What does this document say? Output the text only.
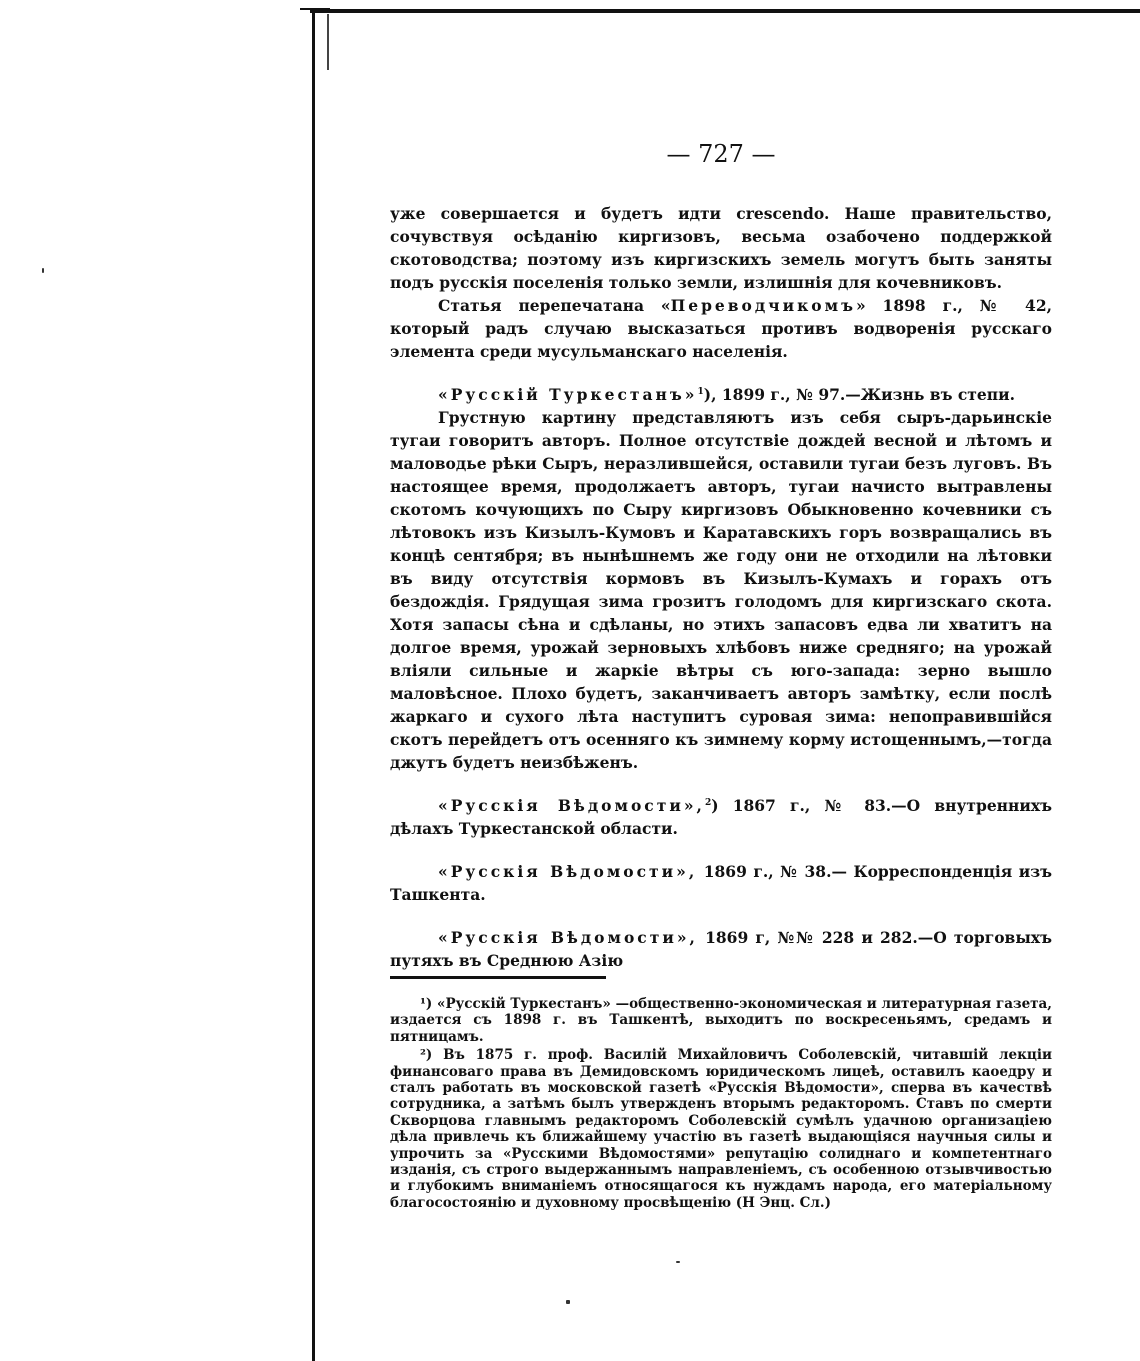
— 727 —

уже совершается и будетъ идти crescendo. Наше правительство, сочувствуя осѣданію киргизовъ, весьма озабочено поддержкой скотоводства; поэтому изъ киргизскихъ земель могутъ быть заняты подъ русскія поселенія только земли, излишнія для кочевниковъ.

Статья перепечатана «Переводчикомъ» 1898 г., № 42, который радъ случаю высказаться противъ водворенія русскаго элемента среди мусульманскаго населенія.

«Русскій Туркестанъ»$^1$), 1899 г., № 97.—Жизнь въ степи.

Грустную картину представляютъ изъ себя сыръ-дарьинскіе тугаи говоритъ авторъ. Полное отсутствіе дождей весной и лѣтомъ и маловодье рѣки Сыръ, неразлившейся, оставили тугаи безъ луговъ. Въ настоящее время, продолжаетъ авторъ, тугаи начисто вытравлены скотомъ кочующихъ по Сыру киргизовъ Обыкновенно кочевники съ лѣтовокъ изъ Кизылъ-Кумовъ и Каратавскихъ горъ возвращались въ концѣ сентября; въ нынѣшнемъ же году они не отходили на лѣтовки въ виду отсутствія кормовъ въ Кизылъ-Кумахъ и горахъ отъ бездождія. Грядущая зима грозитъ голодомъ для киргизскаго скота. Хотя запасы сѣна и сдѣланы, но этихъ запасовъ едва ли хватитъ на долгое время, урожай зерновыхъ хлѣбовъ ниже средняго; на урожай вліяли сильные и жаркіе вѣтры съ юго-запада: зерно вышло маловѣсное. Плохо будетъ, заканчиваетъ авторъ замѣтку, если послѣ жаркаго и сухого лѣта наступитъ суровая зима: непоправившійся скотъ перейдетъ отъ осенняго къ зимнему корму истощеннымъ,—тогда джутъ будетъ неизбѣженъ.

«Русскія Вѣдомости»,$^2$) 1867 г., № 83.—О внутреннихъ дѣлахъ Туркестанской области.

«Русскія Вѣдомости», 1869 г., № 38.— Корреспонденція изъ Ташкента.

«Русскія Вѣдомости», 1869 г, №№ 228 и 282.—О торговыхъ путяхъ въ Среднюю Азію

¹) «Русскій Туркестанъ» —общественно-экономическая и литературная газета, издается съ 1898 г. въ Ташкентѣ, выходитъ по воскресеньямъ, средамъ и пятницамъ.

²) Въ 1875 г. проф. Василій Михайловичъ Соболевскій, читавшій лекціи финансоваго права въ Демидовскомъ юридическомъ лицеѣ, оставилъ каоедру и сталъ работать въ московской газетѣ «Русскія Вѣдомости», сперва въ качествѣ сотрудника, а затѣмъ былъ утвержденъ вторымъ редакторомъ. Ставъ по смерти Скворцова главнымъ редакторомъ Соболевскій сумѣлъ удачною организаціею дѣла привлечь къ ближайшему участію въ газетѣ выдающіяся научныя силы и упрочить за «Русскими Вѣдомостями» репутацію солиднаго и компетентнаго изданія, съ строго выдержаннымъ направленіемъ, съ особенною отзывчивостью и глубокимъ вниманіемъ относящагося къ нуждамъ народа, его матеріальному благосостоянію и духовному просвѣщенію (Н Энц. Сл.)
